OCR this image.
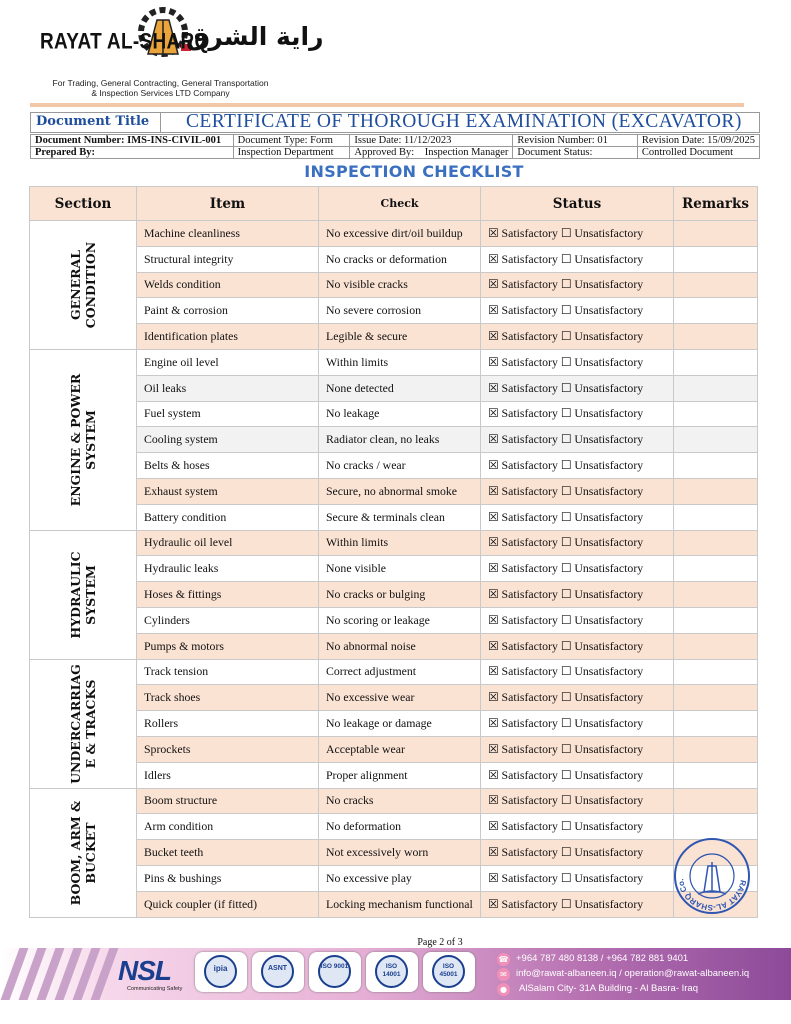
RAYAT AL-SHARQ
راية الشرق
For Trading, General Contracting, General Transportation
& Inspection Services LTD Company
Document Title CERTIFICATE OF THOROUGH EXAMINATION (EXCAVATOR)
Document Number: IMS-INS-CIVIL-001	Document Type: Form	Issue Date: 11/12/2023	Revision Number: 01	Revision Date: 15/09/2025
Prepared By:	Inspection Department	Approved By: Inspection Manager	Document Status:	Controlled Document
INSPECTION CHECKLIST
Section	Item	Check	Status	Remarks

GENERAL CONDITION	Machine cleanliness	No excessive dirt/oil buildup	☒ Satisfactory ☐ Unsatisfactory	
	Structural integrity	No cracks or deformation	☒ Satisfactory ☐ Unsatisfactory	
	Welds condition	No visible cracks	☒ Satisfactory ☐ Unsatisfactory	
	Paint & corrosion	No severe corrosion	☒ Satisfactory ☐ Unsatisfactory	
	Identification plates	Legible & secure	☒ Satisfactory ☐ Unsatisfactory	

ENGINE & POWER SYSTEM	Engine oil level	Within limits	☒ Satisfactory ☐ Unsatisfactory	
	Oil leaks	None detected	☒ Satisfactory ☐ Unsatisfactory	
	Fuel system	No leakage	☒ Satisfactory ☐ Unsatisfactory	
	Cooling system	Radiator clean, no leaks	☒ Satisfactory ☐ Unsatisfactory	
	Belts & hoses	No cracks / wear	☒ Satisfactory ☐ Unsatisfactory	
	Exhaust system	Secure, no abnormal smoke	☒ Satisfactory ☐ Unsatisfactory	
	Battery condition	Secure & terminals clean	☒ Satisfactory ☐ Unsatisfactory	

HYDRAULIC SYSTEM	Hydraulic oil level	Within limits	☒ Satisfactory ☐ Unsatisfactory	
	Hydraulic leaks	None visible	☒ Satisfactory ☐ Unsatisfactory	
	Hoses & fittings	No cracks or bulging	☒ Satisfactory ☐ Unsatisfactory	
	Cylinders	No scoring or leakage	☒ Satisfactory ☐ Unsatisfactory	
	Pumps & motors	No abnormal noise	☒ Satisfactory ☐ Unsatisfactory	

UNDERCARRIAG E & TRACKS	Track tension	Correct adjustment	☒ Satisfactory ☐ Unsatisfactory	
	Track shoes	No excessive wear	☒ Satisfactory ☐ Unsatisfactory	
	Rollers	No leakage or damage	☒ Satisfactory ☐ Unsatisfactory	
	Sprockets	Acceptable wear	☒ Satisfactory ☐ Unsatisfactory	
	Idlers	Proper alignment	☒ Satisfactory ☐ Unsatisfactory	

BOOM, ARM & BUCKET	Boom structure	No cracks	☒ Satisfactory ☐ Unsatisfactory	
	Arm condition	No deformation	☒ Satisfactory ☐ Unsatisfactory	
	Bucket teeth	Not excessively worn	☒ Satisfactory ☐ Unsatisfactory	
	Pins & bushings	No excessive play	☒ Satisfactory ☐ Unsatisfactory	
	Quick coupler (if fitted)	Locking mechanism functional	☒ Satisfactory ☐ Unsatisfactory	
RAYAT AL-SHARQ Co.
Page 2 of 3
NSL
Communicating Safety
ipia	ASNT	ISO 9001	ISO 14001
ISO 45001
☎ +964 787 480 8138 / +964 782 881 9401
✉ info@rawat-albaneen.iq / operation@rawat-albaneen.iq
●	AlSalam City- 31A Building - Al Basra- Iraq
